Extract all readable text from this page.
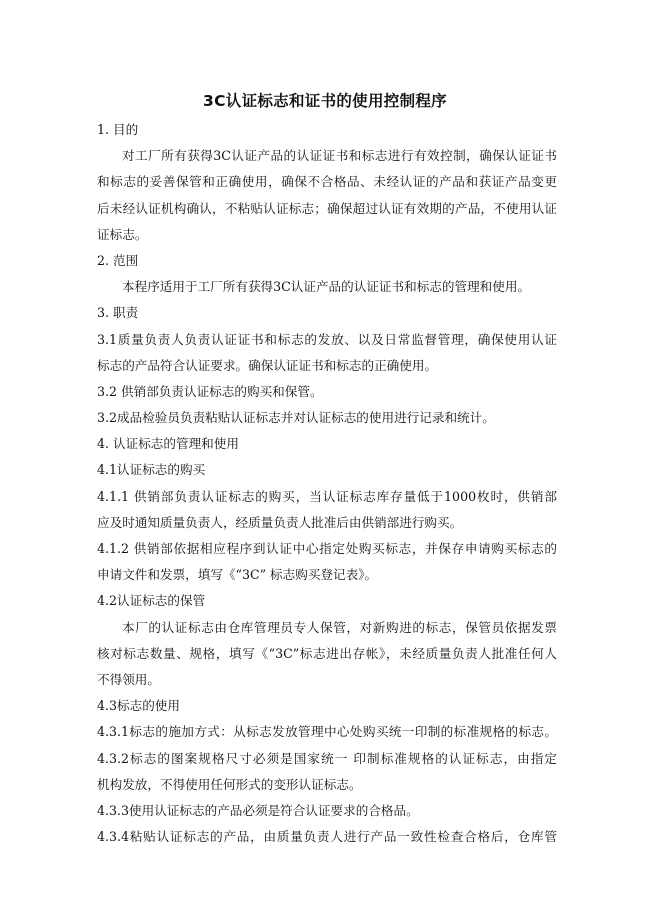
3C认证标志和证书的使用控制程序
1. 目的
对工厂所有获得3C认证产品的认证证书和标志进行有效控制，确保认证证书
和标志的妥善保管和正确使用，确保不合格品、未经认证的产品和获证产品变更
后未经认证机构确认，不粘贴认证标志；确保超过认证有效期的产品，不使用认证
证标志。
2. 范围
本程序适用于工厂所有获得3C认证产品的认证证书和标志的管理和使用。
3. 职责
3.1质量负责人负责认证证书和标志的发放、以及日常监督管理，确保使用认证
标志的产品符合认证要求。确保认证证书和标志的正确使用。
3.2 供销部负责认证标志的购买和保管。
3.2成品检验员负责粘贴认证标志并对认证标志的使用进行记录和统计。
4. 认证标志的管理和使用
4.1认证标志的购买
4.1.1 供销部负责认证标志的购买，当认证标志库存量低于1000枚时，供销部
应及时通知质量负责人，经质量负责人批准后由供销部进行购买。
4.1.2 供销部依据相应程序到认证中心指定处购买标志，并保存申请购买标志的
申请文件和发票，填写《“3C” 标志购买登记表》。
4.2认证标志的保管
本厂的认证标志由仓库管理员专人保管，对新购进的标志，保管员依据发票
核对标志数量、规格，填写《“3C”标志进出存帐》，未经质量负责人批准任何人
不得领用。
4.3标志的使用
4.3.1标志的施加方式：从标志发放管理中心处购买统一印制的标准规格的标志。
4.3.2标志的图案规格尺寸必须是国家统一 印制标准规格的认证标志，由指定
机构发放，不得使用任何形式的变形认证标志。
4.3.3使用认证标志的产品必须是符合认证要求的合格品。
4.3.4粘贴认证标志的产品，由质量负责人进行产品一致性检查合格后，仓库管
